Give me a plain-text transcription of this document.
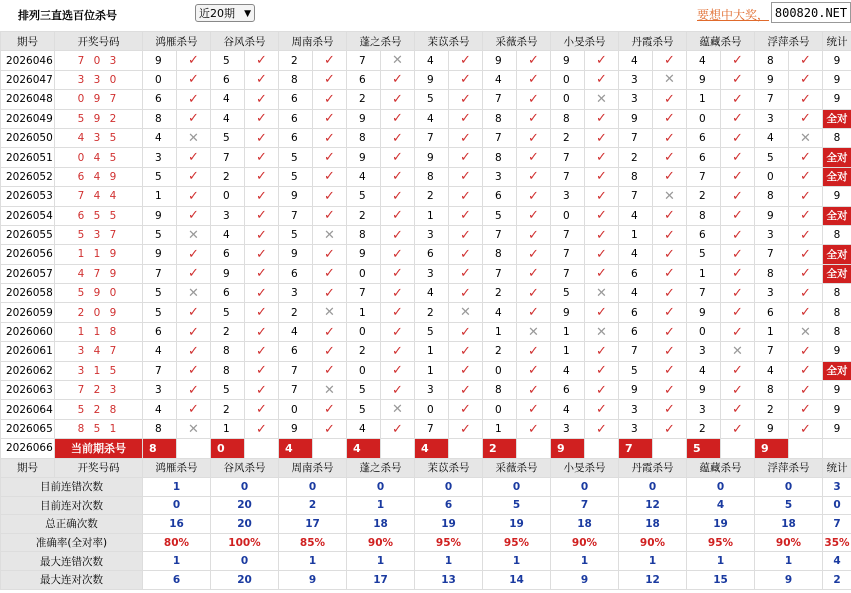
排列三直选百位杀号	近20期 ▼	要想中大奖， 800820.NET
期号	开奖号码	鸿雁杀号		谷风杀号		周南杀号		蓬之杀号		茉苡杀号		采薇杀号		小旻杀号		丹霞杀号		蕴藏杀号		浮萍杀号		统计
2026046	7 0 3	9	✓	5	✓	2	✓	7	✕	4	✓	9	✓	9	✓	4	✓	4	✓	8	✓	9
2026047	3 3 0	0	✓	6	✓	8	✓	6	✓	9	✓	4	✓	0	✓	3	✕	9	✓	9	✓	9
2026048	0 9 7	6	✓	4	✓	6	✓	2	✓	5	✓	7	✓	0	✕	3	✓	1	✓	7	✓	9
2026049	5 9 2	8	✓	4	✓	6	✓	9	✓	4	✓	8	✓	8	✓	9	✓	0	✓	3	✓	全对
2026050	4 3 5	4	✕	5	✓	6	✓	8	✓	7	✓	7	✓	2	✓	7	✓	6	✓	4	✕	8
2026051	0 4 5	3	✓	7	✓	5	✓	9	✓	9	✓	8	✓	7	✓	2	✓	6	✓	5	✓	全对
2026052	6 4 9	5	✓	2	✓	5	✓	4	✓	8	✓	3	✓	7	✓	8	✓	7	✓	0	✓	全对
2026053	7 4 4	1	✓	0	✓	9	✓	5	✓	2	✓	6	✓	3	✓	7	✕	2	✓	8	✓	9
2026054	6 5 5	9	✓	3	✓	7	✓	2	✓	1	✓	5	✓	0	✓	4	✓	8	✓	9	✓	全对
2026055	5 3 7	5	✕	4	✓	5	✕	8	✓	3	✓	7	✓	7	✓	1	✓	6	✓	3	✓	8
2026056	1 1 9	9	✓	6	✓	9	✓	9	✓	6	✓	8	✓	7	✓	4	✓	5	✓	7	✓	全对
2026057	4 7 9	7	✓	9	✓	6	✓	0	✓	3	✓	7	✓	7	✓	6	✓	1	✓	8	✓	全对
2026058	5 9 0	5	✕	6	✓	3	✓	7	✓	4	✓	2	✓	5	✕	4	✓	7	✓	3	✓	8
2026059	2 0 9	5	✓	5	✓	2	✕	1	✓	2	✕	4	✓	9	✓	6	✓	9	✓	6	✓	8
2026060	1 1 8	6	✓	2	✓	4	✓	0	✓	5	✓	1	✕	1	✕	6	✓	0	✓	1	✕	8
2026061	3 4 7	4	✓	8	✓	6	✓	2	✓	1	✓	2	✓	1	✓	7	✓	3	✕	7	✓	9
2026062	3 1 5	7	✓	8	✓	7	✓	0	✓	1	✓	0	✓	4	✓	5	✓	4	✓	4	✓	全对
2026063	7 2 3	3	✓	5	✓	7	✕	5	✓	3	✓	8	✓	6	✓	9	✓	9	✓	8	✓	9
2026064	5 2 8	4	✓	2	✓	0	✓	5	✕	0	✓	0	✓	4	✓	3	✓	3	✓	2	✓	9
2026065	8 5 1	8	✕	1	✓	9	✓	4	✓	7	✓	1	✓	3	✓	3	✓	2	✓	9	✓	9
2026066	当前期杀号	8		0		4		4		4		2		9		7		5		9		
期号	开奖号码	鸿雁杀号		谷风杀号		周南杀号		蓬之杀号		茉苡杀号		采薇杀号		小旻杀号		丹霞杀号		蕴藏杀号		浮萍杀号		统计
目前连错次数		1		0		0		0		0		0		0		0		0		0		3
目前连对次数		0		20		2		1		6		5		7		12		4		5		0
总正确次数		16		20		17		18		19		19		18		18		19		18		7
准确率(全对率)		80%		100%		85%		90%		95%		95%		90%		90%		95%		90%		35%
最大连错次数		1		0		1		1		1		1		1		1		1		1		4
最大连对次数		6		20		9		17		13		14		9		12		15		9		2
